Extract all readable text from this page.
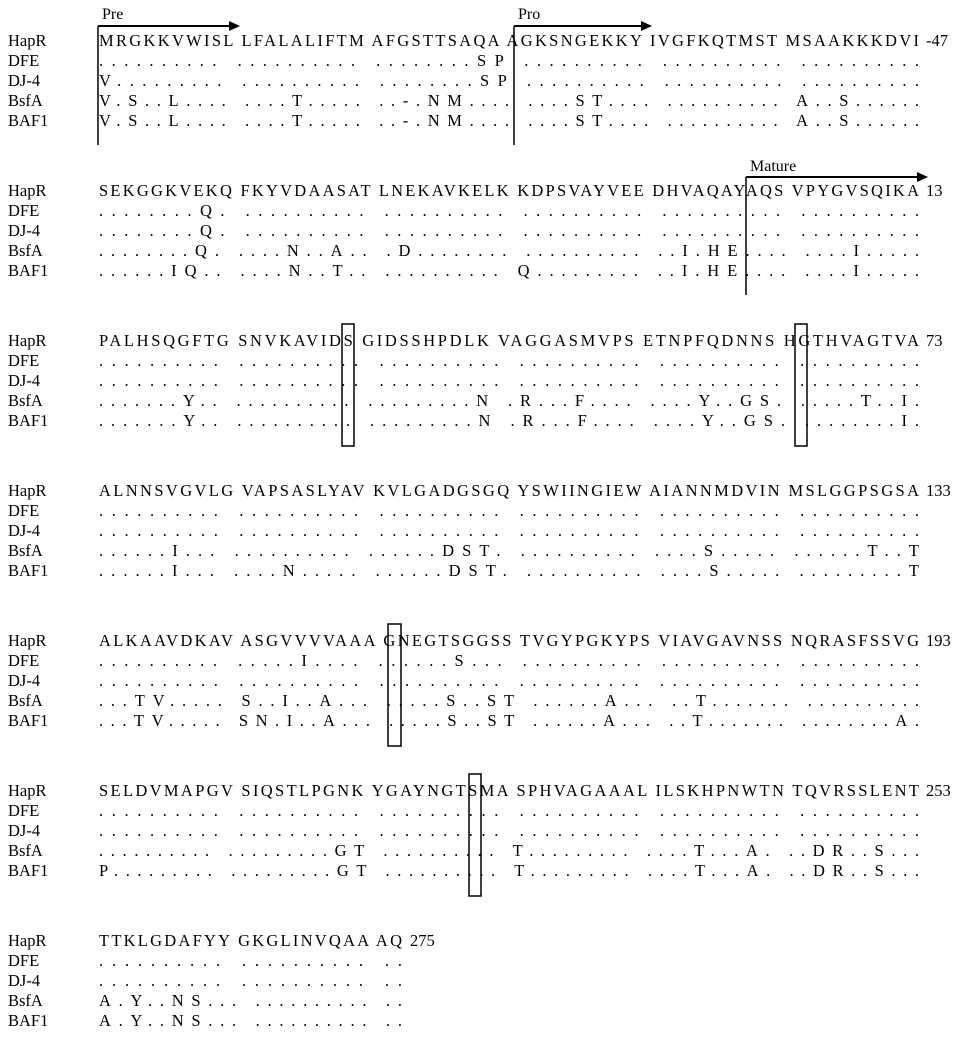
Pre	Pro
Mature
HapR	MRGKKVWISL LFALALIFTM AFGSTTSAQA AGKSNGEKKY IVGFKQTMST MSAAKKKDVI -47
DFE	.......... .......... ........SP .......... .......... ..........
DJ-4	V......... .......... ........SP .......... .......... ..........
BsfA	V.S..L.... ....T..... ..-.NM.... ....ST.... .......... A..S......
BAF1	V.S..L.... ....T..... ..-.NM.... ....ST.... .......... A..S......
HapR	SEKGGKVEKQ FKYVDAASAT LNEKAVKELK KDPSVAYVEE DHVAQAYAQS VPYGVSQIKA 13
DFE	........Q. .......... .......... .......... .......... ..........
DJ-4	........Q. .......... .......... .......... .......... ..........
BsfA	........Q. ....N..A.. .D........ .......... ..I.HE.... ....I.....
BAF1	......IQ.. ....N..T.. .......... Q......... ..I.HE.... ....I.....
HapR	PALHSQGFTG SNVKAVIDS GIDSSHPDLK VAGGASMVPS ETNPFQDNNS HGTHVAGTVA 73
DFE	.......... .......... .......... .......... .......... ..........
DJ-4	.......... .......... .......... .......... .......... ..........
BsfA	.......Y.. .......... .........N .R...F.... ....Y..GS. .....T..I.
BAF1	.......Y.. .......... .........N .R...F.... ....Y..GS. ........I.
HapR	ALNNSVGVLG VAPSASLYAV KVLGADGSGQ YSWIINGIEW AIANNMDVIN MSLGGPSGSA 133
DFE	.......... .......... .......... .......... .......... ..........
DJ-4	.......... .......... .......... .......... .......... ..........
BsfA	......I... .......... ......DST. .......... ....S..... ......T..T
BAF1	......I... ....N..... ......DST. .......... ....S..... .........T
HapR	ALKAAVDKAV ASGVVVVAAA GNEGTSGGSS TVGYPGKYPS VIAVGAVNSS NQRASFSSVG 193
DFE	.......... .....I.... ......S... .......... .......... ..........
DJ-4	.......... .......... .......... .......... .......... ..........
BsfA	...TV..... S..I..A... .....S..ST ......A... ..T....... ..........
BAF1	...TV..... SN.I..A... .....S..ST ......A... ..T....... ........A.
HapR	SELDVMAPGV SIQSTLPGNK YGAYNGTSMA SPHVAGAAAL ILSKHPNWTN TQVRSSLENT 253
DFE	.......... .......... .......... .......... .......... ..........
DJ-4	.......... .......... .......... .......... .......... ..........
BsfA	.......... .........GT .......... T......... ....T...A. ..DR..S...
BAF1	P......... .........GT .......... T......... ....T...A. ..DR..S...
HapR	TTKLGDAFYY GKGLINVQAA AQ 275
DFE	.......... .......... ..
DJ-4	.......... .......... ..
BsfA	A.Y..NS... .......... ..
BAF1	A.Y..NS... .......... ..
